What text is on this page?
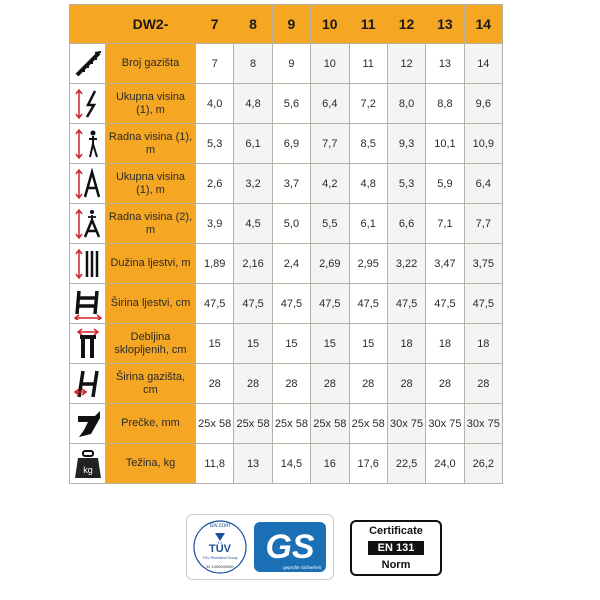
	DW2-	7	8	9	10	11	12	13	14

	Broj gazišta	7	8	9	10	11	12	13	14

	Ukupna visina (1), m	4,0	4,8	5,6	6,4	7,2	8,0	8,8	9,6

	Radna visina (1), m	5,3	6,1	6,9	7,7	8,5	9,3	10,1	10,9

	Ukupna visina (1), m	2,6	3,2	3,7	4,2	4,8	5,3	5,9	6,4

	Radna visina (2), m	3,9	4,5	5,0	5,5	6,1	6,6	7,1	7,7

	Dužina ljestvi, m	1,89	2,16	2,4	2,69	2,95	3,22	3,47	3,75

	Širina ljestvi, cm	47,5	47,5	47,5	47,5	47,5	47,5	47,5	47,5

	Debljina sklopljenih, cm	15	15	15	15	15	18	18	18

	Širina gazišta, cm	28	28	28	28	28	28	28	28

	Prečke, mm	25x 58	25x 58	25x 58	25x 58	25x 58	30x 75	30x 75	30x 75

kg	Težina, kg	11,8	13	14,5	16	17,6	22,5	24,0	26,2
tüv.com
TÜV
TÜV Rheinland Group
ID 1000000000
GS
geprüfte Sicherheit
Certificate
EN 131
Norm
